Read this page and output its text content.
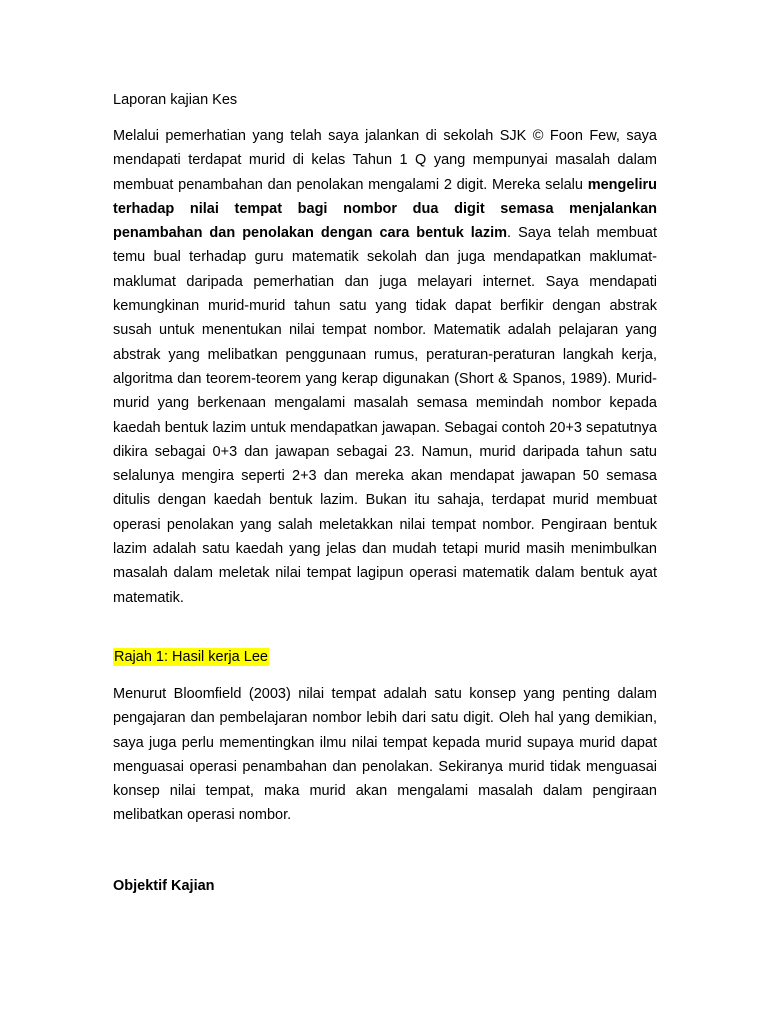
Laporan kajian Kes

Melalui pemerhatian yang telah saya jalankan di sekolah SJK © Foon Few, saya mendapati terdapat murid di kelas Tahun 1 Q yang mempunyai masalah dalam membuat penambahan dan penolakan mengalami 2 digit. Mereka selalu mengeliru terhadap nilai tempat bagi nombor dua digit semasa menjalankan penambahan dan penolakan dengan cara bentuk lazim. Saya telah membuat temu bual terhadap guru matematik sekolah dan juga mendapatkan maklumat-maklumat daripada pemerhatian dan juga melayari internet. Saya mendapati kemungkinan murid-murid tahun satu yang tidak dapat berfikir dengan abstrak susah untuk menentukan nilai tempat nombor. Matematik adalah pelajaran yang abstrak yang melibatkan penggunaan rumus, peraturan-peraturan langkah kerja, algoritma dan teorem-teorem yang kerap digunakan (Short & Spanos, 1989). Murid-murid yang berkenaan mengalami masalah semasa memindah nombor kepada kaedah bentuk lazim untuk mendapatkan jawapan. Sebagai contoh 20+3 sepatutnya dikira sebagai 0+3 dan jawapan sebagai 23. Namun, murid daripada tahun satu selalunya mengira seperti 2+3 dan mereka akan mendapat jawapan 50 semasa ditulis dengan kaedah bentuk lazim. Bukan itu sahaja, terdapat murid membuat operasi penolakan yang salah meletakkan nilai tempat nombor. Pengiraan bentuk lazim adalah satu kaedah yang jelas dan mudah tetapi murid masih menimbulkan masalah dalam meletak nilai tempat lagipun operasi matematik dalam bentuk ayat matematik.

Rajah 1: Hasil kerja Lee

Menurut Bloomfield (2003) nilai tempat adalah satu konsep yang penting dalam pengajaran dan pembelajaran nombor lebih dari satu digit. Oleh hal yang demikian, saya juga perlu mementingkan ilmu nilai tempat kepada murid supaya murid dapat menguasai operasi penambahan dan penolakan. Sekiranya murid tidak menguasai konsep nilai tempat, maka murid akan mengalami masalah dalam pengiraan melibatkan operasi nombor.

Objektif Kajian
